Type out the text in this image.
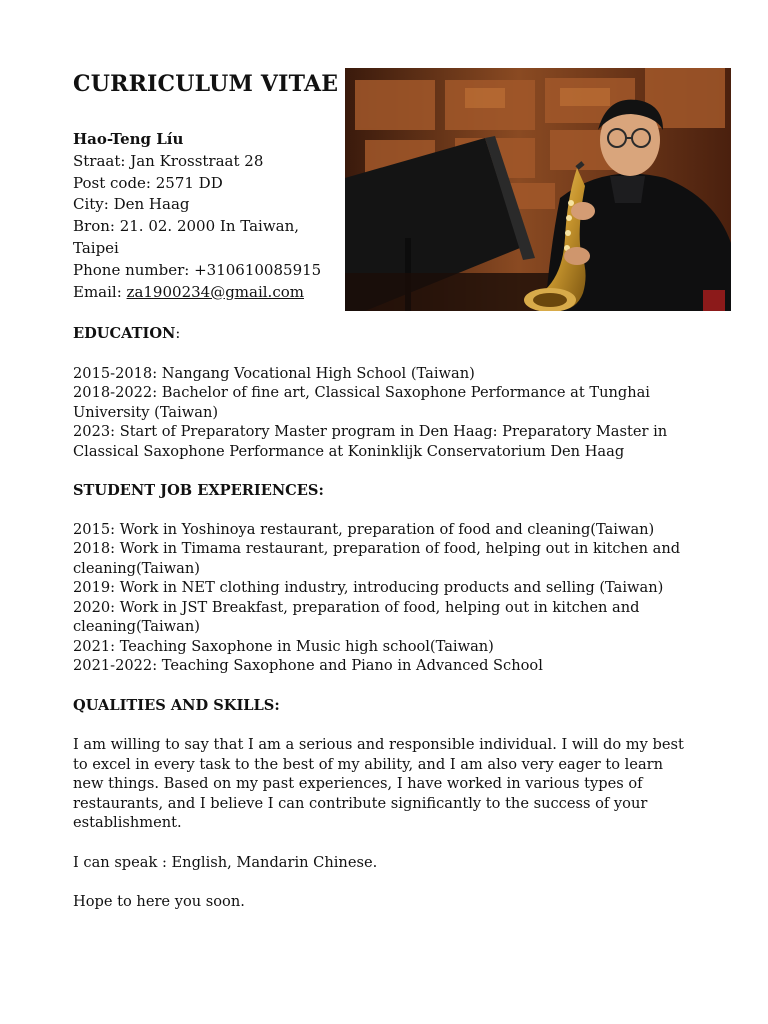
CURRICULUM VITAE
Hao-Teng Líu
Straat: Jan Krosstraat 28
Post code: 2571 DD
City: Den Haag
Bron: 21. 02. 2000 In Taiwan,
Taipei
Phone number: +310610085915
Email: za1900234@gmail.com
EDUCATION:
2015-2018: Nangang Vocational High School (Taiwan)
2018-2022: Bachelor of fine art, Classical Saxophone Performance at Tunghai University (Taiwan)
2023: Start of Preparatory Master program in Den Haag: Preparatory Master in Classical Saxophone Performance at Koninklijk Conservatorium Den Haag
STUDENT JOB EXPERIENCES:
2015: Work in Yoshinoya restaurant, preparation of food and cleaning(Taiwan)
2018: Work in Timama restaurant, preparation of food, helping out in kitchen and cleaning(Taiwan)
2019: Work in NET clothing industry, introducing products and selling (Taiwan)
2020: Work in JST Breakfast, preparation of food, helping out in kitchen and cleaning(Taiwan)
2021: Teaching Saxophone in Music high school(Taiwan)
2021-2022: Teaching Saxophone and Piano in Advanced School
QUALITIES AND SKILLS:
I am willing to say that I am a serious and responsible individual. I will do my best to excel in every task to the best of my ability, and I am also very eager to learn new things. Based on my past experiences, I have worked in various types of restaurants, and I believe I can contribute significantly to the success of your establishment.
I can speak : English, Mandarin Chinese.
Hope to here you soon.
